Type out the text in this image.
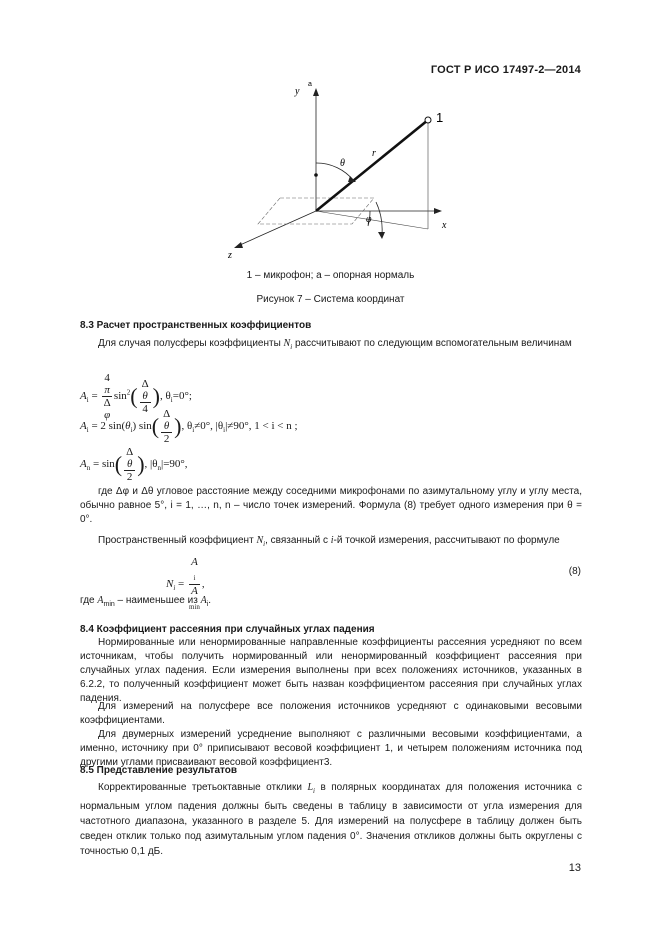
ГОСТ Р ИСО 17497-2—2014
y
a
1
θ
r
φ
x
z
1 – микрофон; а – опорная нормаль
Рисунок 7 – Система координат
8.3 Расчет пространственных коэффициентов
Для случая полусферы коэффициенты $N_i$ рассчитывают по следующим вспомогательным величинам
$A_i = 4$
π
Δ
φ $\sin^2$( Δ
θ
4 ), $\theta_i=0^\circ$;
$A_i = 2$ $\sin(\theta_i)$ sin( Δ
θ
2 ), $\theta_i\ne 0^\circ$, $|\theta_i|\ne 90^\circ$, 1 < i < n ;
$A_n = \sin$( Δ
θ
2 ), $|\theta_n|=90^\circ$,
где Δφ и Δθ угловое расстояние между соседними микрофонами по азимутальному углу и углу места, обычно равное 5°, i = 1, …, n, n – число точек измерений. Формула (8) требует одного измерения при θ = 0°.
Пространственный коэффициент $N_i$, связанный с i-й точкой измерения, рассчитывают по формуле
$N_i = A$
$_i$
A
$_{min}$ ,
(8)
где $A_{min}$ – наименьшее из $A_i$.
8.4 Коэффициент рассеяния при случайных углах падения
Нормированные или ненормированные направленные коэффициенты рассеяния усредняют по всем источникам, чтобы получить нормированный или ненормированный коэффициент рассеяния при случайных углах падения. Если измерения выполнены при всех положениях источников, указанных в 6.2.2, то полученный коэффициент может быть назван коэффициентом рассеяния при случайных углах падения.
Для измерений на полусфере все положения источников усредняют с одинаковыми весовыми коэффициентами.
Для двумерных измерений усреднение выполняют с различными весовыми коэффициентами, а именно, источнику при 0° приписывают весовой коэффициент 1, и четырем положениям источника под другими углами присваивают весовой коэффициент3.
8.5 Представление результатов
Корректированные третьоктавные отклики $L_i$ в полярных координатах для положения источника с нормальным углом падения должны быть сведены в таблицу в зависимости от угла измерения для частотного диапазона, указанного в разделе 5. Для измерений на полусфере в таблицу должен быть сведен отклик только под азимутальным углом падения 0°. Значения откликов должны быть округлены с точностью 0,1 дБ.
13
